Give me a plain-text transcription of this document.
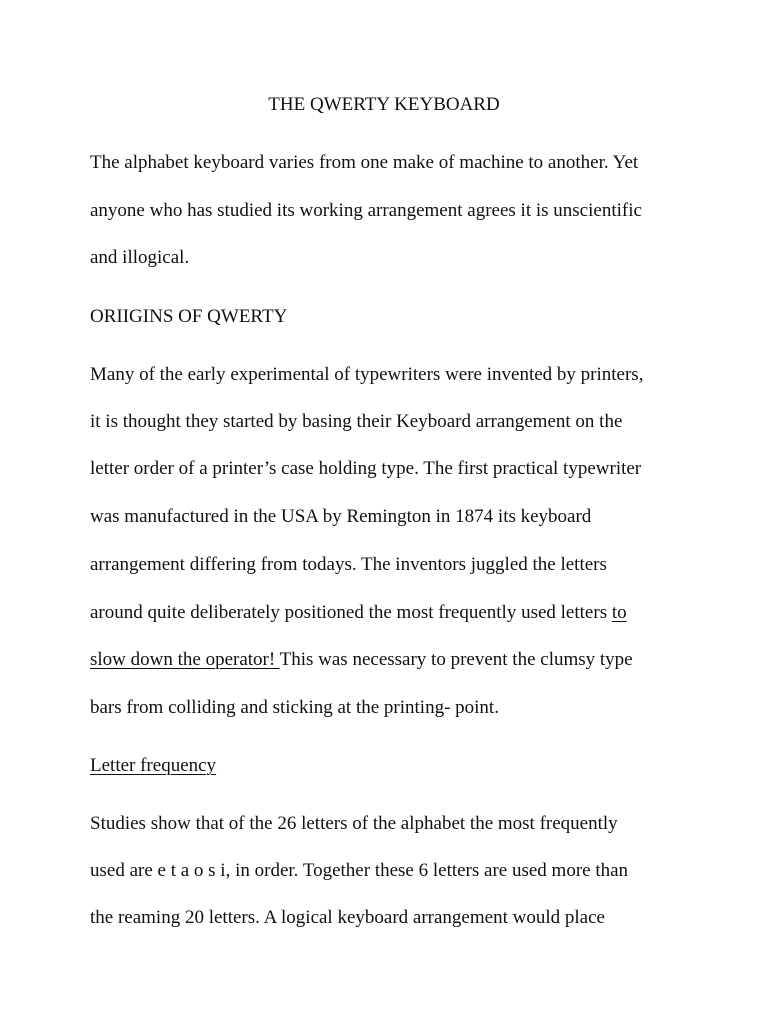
THE QWERTY KEYBOARD

The alphabet keyboard varies from one make of machine to another. Yet

anyone who has studied its working arrangement agrees it is unscientific

and illogical.

ORIIGINS OF QWERTY

Many of the early experimental of typewriters were invented by printers,

it is thought they started by basing their Keyboard arrangement on the

letter order of a printer’s case holding type. The first practical typewriter

was manufactured in the USA by Remington in 1874 its keyboard

arrangement differing from todays. The inventors juggled the letters

around quite deliberately positioned the most frequently used letters to

slow down the operator! This was necessary to prevent the clumsy type

bars from colliding and sticking at the printing- point.

Letter frequency

Studies show that of the 26 letters of the alphabet the most frequently

used are e t a o s i, in order. Together these 6 letters are used more than

the reaming 20 letters. A logical keyboard arrangement would place
